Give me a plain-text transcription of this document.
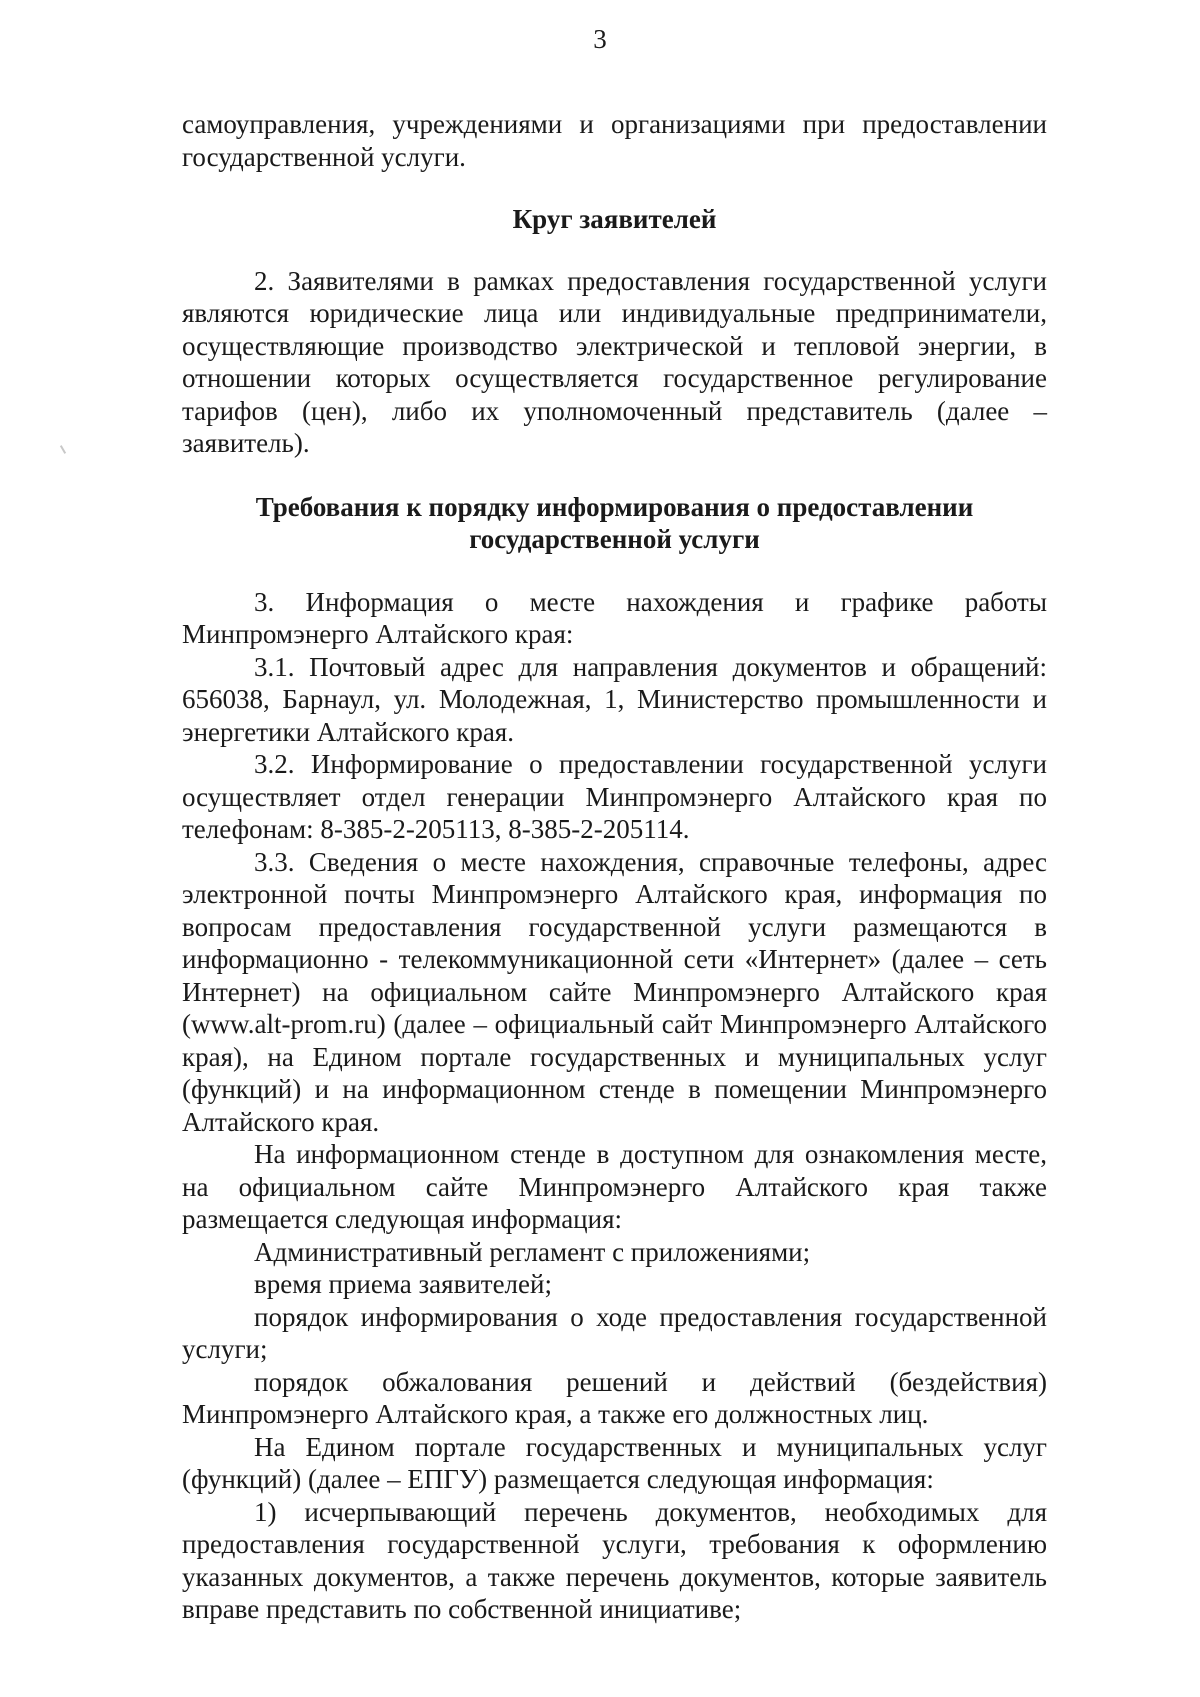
3

самоуправления, учреждениями и организациями при предоставлении государственной услуги.

Круг заявителей

2. Заявителями в рамках предоставления государственной услуги являются юридические лица или индивидуальные предприниматели, осуществляющие производство электрической и тепловой энергии, в отношении которых осуществляется государственное регулирование тарифов (цен), либо их уполномоченный представитель (далее – заявитель).

Требования к порядку информирования о предоставлении государственной услуги

3. Информация о месте нахождения и графике работы Минпромэнерго Алтайского края:

3.1. Почтовый адрес для направления документов и обращений: 656038, Барнаул, ул. Молодежная, 1, Министерство промышленности и энергетики Алтайского края.

3.2. Информирование о предоставлении государственной услуги осуществляет отдел генерации Минпромэнерго Алтайского края по телефонам: 8-385-2-205113, 8-385-2-205114.

3.3. Сведения о месте нахождения, справочные телефоны, адрес электронной почты Минпромэнерго Алтайского края, информация по вопросам предоставления государственной услуги размещаются в информационно - телекоммуникационной сети «Интернет» (далее – сеть Интернет) на официальном сайте Минпромэнерго Алтайского края (www.alt-prom.ru) (далее – официальный сайт Минпромэнерго Алтайского края), на Едином портале государственных и муниципальных услуг (функций) и на информационном стенде в помещении Минпромэнерго Алтайского края.

На информационном стенде в доступном для ознакомления месте, на официальном сайте Минпромэнерго Алтайского края также размещается следующая информация:

Административный регламент с приложениями;

время приема заявителей;

порядок информирования о ходе предоставления государственной услуги;

порядок обжалования решений и действий (бездействия) Минпромэнерго Алтайского края, а также его должностных лиц.

На Едином портале государственных и муниципальных услуг (функций) (далее – ЕПГУ) размещается следующая информация:

1) исчерпывающий перечень документов, необходимых для предоставления государственной услуги, требования к оформлению указанных документов, а также перечень документов, которые заявитель вправе представить по собственной инициативе;
